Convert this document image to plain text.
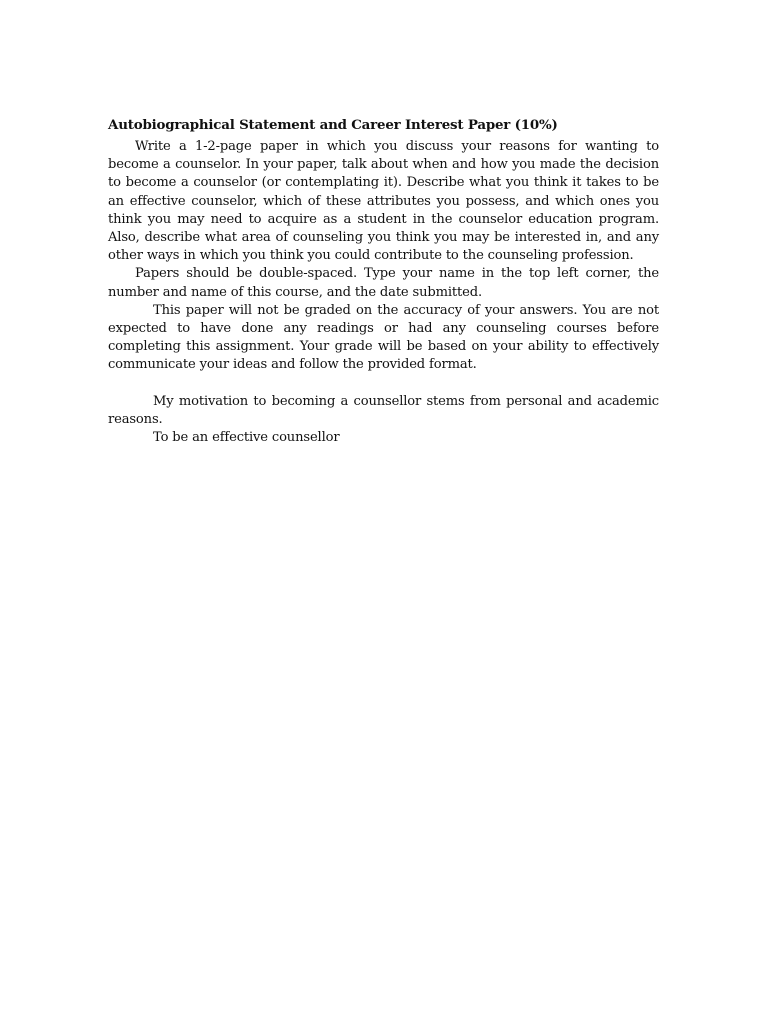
Autobiographical Statement and Career Interest Paper (10%)

Write a 1-2-page paper in which you discuss your reasons for wanting to become a counselor. In your paper, talk about when and how you made the decision to become a counselor (or contemplating it). Describe what you think it takes to be an effective counselor, which of these attributes you possess, and which ones you think you may need to acquire as a student in the counselor education program. Also, describe what area of counseling you think you may be interested in, and any other ways in which you think you could contribute to the counseling profession.

Papers should be double-spaced. Type your name in the top left corner, the number and name of this course, and the date submitted.

This paper will not be graded on the accuracy of your answers. You are not expected to have done any readings or had any counseling courses before completing this assignment. Your grade will be based on your ability to effectively communicate your ideas and follow the provided format.

My motivation to becoming a counsellor stems from personal and academic reasons.

To be an effective counsellor
